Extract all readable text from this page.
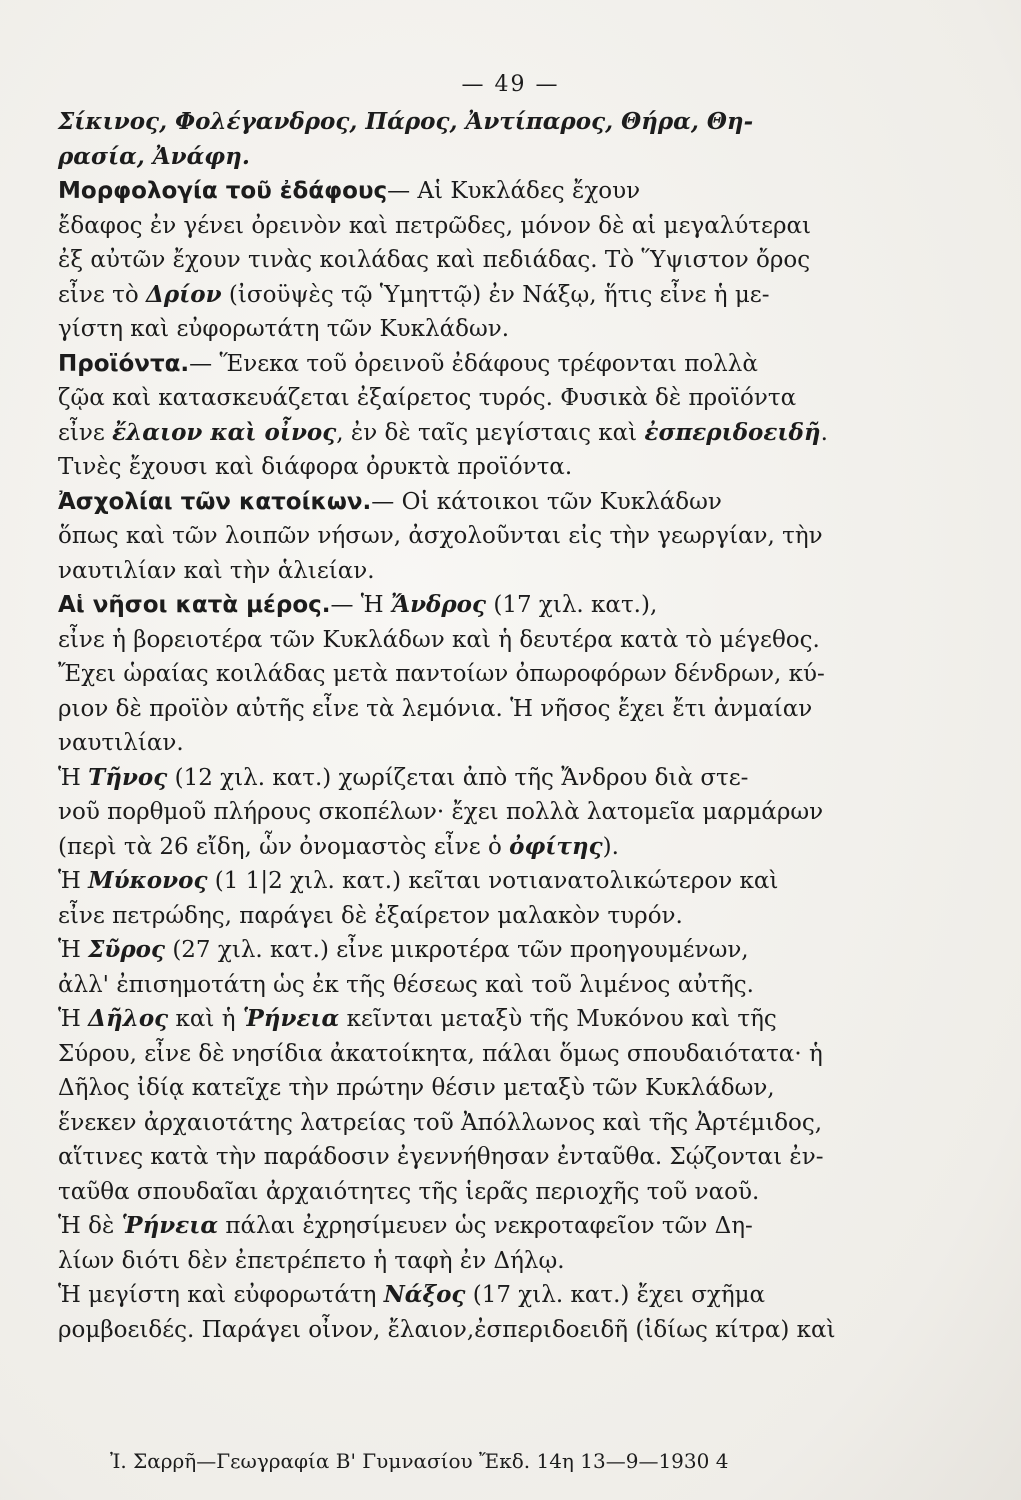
— 49 —
Σίκινος, Φολέγανδρος, Πάρος, Ἀντίπαρος, Θήρα, Θη-
ρασία, Ἀνάφη.
Μορφολογία τοῦ ἐδάφους— Αἱ Κυκλάδες ἔχουν
ἔδαφος ἐν γένει ὀρεινὸν καὶ πετρῶδες, μόνον δὲ αἱ μεγαλύτεραι
ἐξ αὐτῶν ἔχουν τινὰς κοιλάδας καὶ πεδιάδας. Τὸ Ὕψιστον ὄρος
εἶνε τὸ Δρίον (ἰσοϋψὲς τῷ Ὑμηττῷ) ἐν Νάξῳ, ἥτις εἶνε ἡ με-
γίστη καὶ εὐφορωτάτη τῶν Κυκλάδων.
Προϊόντα.— Ἕνεκα τοῦ ὀρεινοῦ ἐδάφους τρέφονται πολλὰ
ζῷα καὶ κατασκευάζεται ἐξαίρετος τυρός. Φυσικὰ δὲ προϊόντα
εἶνε ἔλαιον καὶ οἶνος, ἐν δὲ ταῖς μεγίσταις καὶ ἐσπεριδοειδῆ.
Τινὲς ἔχουσι καὶ διάφορα ὀρυκτὰ προϊόντα.
Ἀσχολίαι τῶν κατοίκων.— Οἱ κάτοικοι τῶν Κυκλάδων
ὅπως καὶ τῶν λοιπῶν νήσων, ἀσχολοῦνται εἰς τὴν γεωργίαν, τὴν
ναυτιλίαν καὶ τὴν ἁλιείαν.
Αἱ νῆσοι κατὰ μέρος.— Ἡ Ἄνδρος (17 χιλ. κατ.),
εἶνε ἡ βορειοτέρα τῶν Κυκλάδων καὶ ἡ δευτέρα κατὰ τὸ μέγεθος.
Ἔχει ὡραίας κοιλάδας μετὰ παντοίων ὀπωροφόρων δένδρων, κύ-
ριον δὲ προϊὸν αὐτῆς εἶνε τὰ λεμόνια. Ἡ νῆσος ἔχει ἔτι ἀνμαίαν
ναυτιλίαν.
Ἡ Τῆνος (12 χιλ. κατ.) χωρίζεται ἀπὸ τῆς Ἄνδρου διὰ στε-
νοῦ πορθμοῦ πλήρους σκοπέλων· ἔχει πολλὰ λατομεῖα μαρμάρων
(περὶ τὰ 26 εἴδη, ὧν ὀνομαστὸς εἶνε ὁ ὀφίτης).
Ἡ Μύκονος (1 1|2 χιλ. κατ.) κεῖται νοτιανατολικώτερον καὶ
εἶνε πετρώδης, παράγει δὲ ἐξαίρετον μαλακὸν τυρόν.
Ἡ Σῦρος (27 χιλ. κατ.) εἶνε μικροτέρα τῶν προηγουμένων,
ἀλλ' ἐπισημοτάτη ὡς ἐκ τῆς θέσεως καὶ τοῦ λιμένος αὐτῆς.
Ἡ Δῆλος καὶ ἡ Ῥήνεια κεῖνται μεταξὺ τῆς Μυκόνου καὶ τῆς
Σύρου, εἶνε δὲ νησίδια ἀκατοίκητα, πάλαι ὅμως σπουδαιότατα· ἡ
Δῆλος ἰδίᾳ κατεῖχε τὴν πρώτην θέσιν μεταξὺ τῶν Κυκλάδων,
ἕνεκεν ἀρχαιοτάτης λατρείας τοῦ Ἀπόλλωνος καὶ τῆς Ἀρτέμιδος,
αἵτινες κατὰ τὴν παράδοσιν ἐγεννήθησαν ἐνταῦθα. Σῴζονται ἐν-
ταῦθα σπουδαῖαι ἀρχαιότητες τῆς ἱερᾶς περιοχῆς τοῦ ναοῦ.
Ἡ δὲ Ῥήνεια πάλαι ἐχρησίμευεν ὡς νεκροταφεῖον τῶν Δη-
λίων διότι δὲν ἐπετρέπετο ἡ ταφὴ ἐν Δήλῳ.
Ἡ μεγίστη καὶ εὐφορωτάτη Νάξος (17 χιλ. κατ.) ἔχει σχῆμα
ρομβοειδές. Παράγει οἶνον, ἔλαιον,ἐσπεριδοειδῆ (ἰδίως κίτρα) καὶ
Ἰ. Σαρρῆ—Γεωγραφία Β' Γυμνασίου Ἔκδ. 14η 13—9—1930 4
